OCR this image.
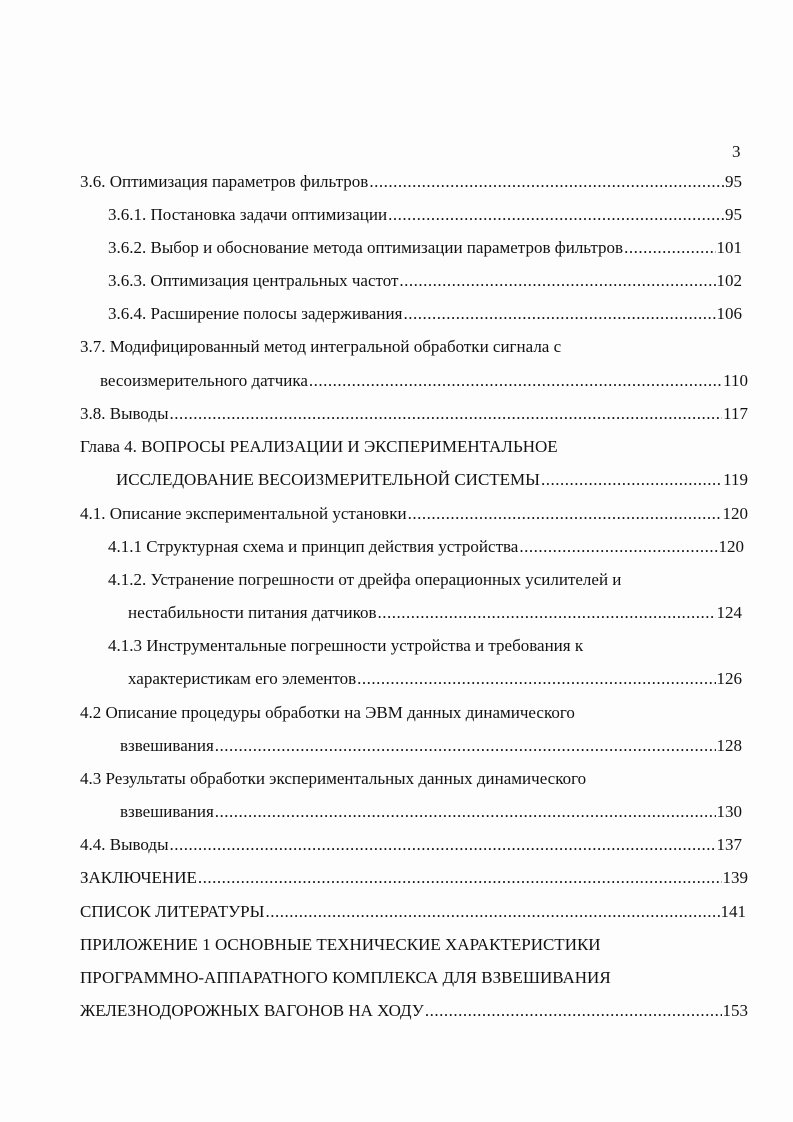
3
3.6. Оптимизация параметров фильтров .....	95
3.6.1. Постановка задачи оптимизации .....	95
3.6.2. Выбор и обоснование метода оптимизации параметров фильтров .....	101
3.6.3. Оптимизация центральных частот .....	102
3.6.4. Расширение полосы задерживания .....	106
3.7. Модифицированный метод интегральной обработки сигнала с
весоизмерительного датчика .....	110
3.8. Выводы .....	117
Глава 4. ВОПРОСЫ РЕАЛИЗАЦИИ И ЭКСПЕРИМЕНТАЛЬНОЕ
ИССЛЕДОВАНИЕ ВЕСОИЗМЕРИТЕЛЬНОЙ СИСТЕМЫ .....	119
4.1. Описание экспериментальной установки .....	120
4.1.1 Структурная схема и принцип действия устройства .....	120
4.1.2. Устранение погрешности от дрейфа операционных усилителей и
нестабильности питания датчиков .....	124
4.1.3 Инструментальные погрешности устройства и требования к
характеристикам его элементов .....	126
4.2 Описание процедуры обработки на ЭВМ данных динамического
взвешивания .....	128
4.3 Результаты обработки экспериментальных данных динамического
взвешивания .....	130
4.4. Выводы .....	137
ЗАКЛЮЧЕНИЕ .....	139
СПИСОК ЛИТЕРАТУРЫ .....	141
ПРИЛОЖЕНИЕ 1 ОСНОВНЫЕ ТЕХНИЧЕСКИЕ ХАРАКТЕРИСТИКИ
ПРОГРАММНО-АППАРАТНОГО КОМПЛЕКСА ДЛЯ ВЗВЕШИВАНИЯ
ЖЕЛЕЗНОДОРОЖНЫХ ВАГОНОВ НА ХОДУ .....	153
